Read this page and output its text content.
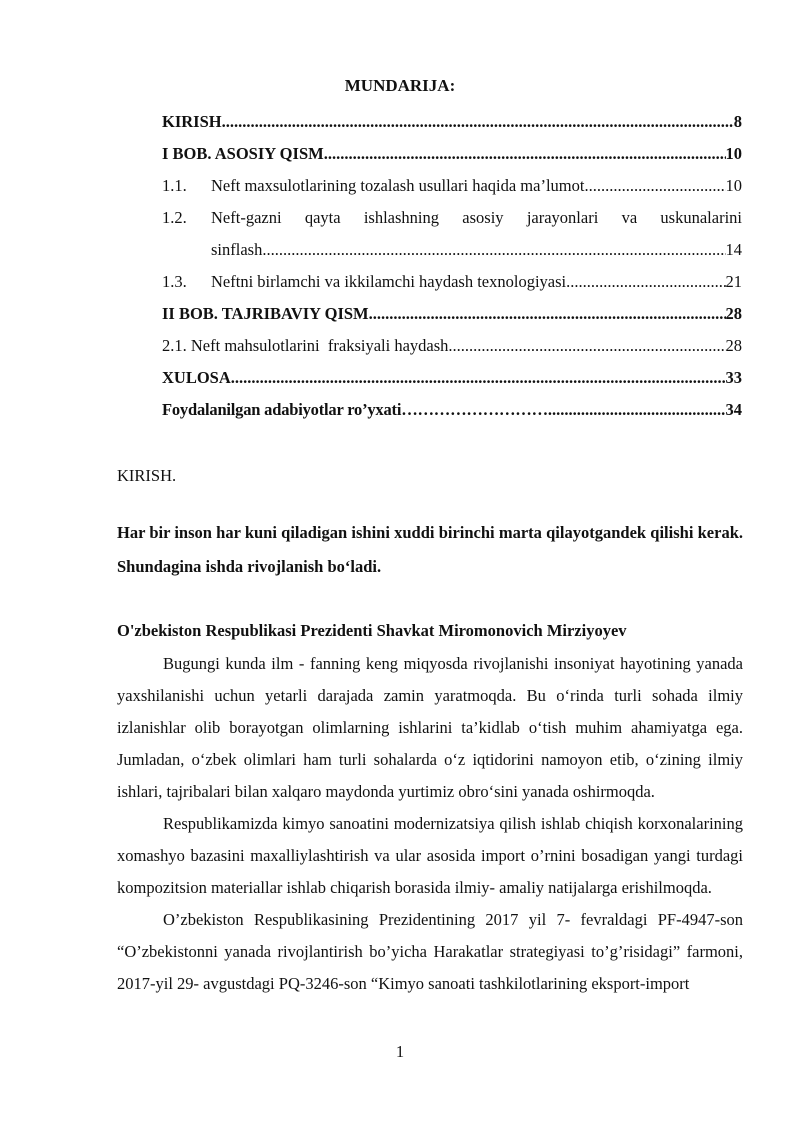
MUNDARIJA:
KIRISH .....	8
I BOB. ASOSIY QISM .....	10
1.1.	Neft maxsulotlarining tozalash usullari haqida ma’lumot .....	10
1.2.	Neft-gazni qayta ishlashning asosiy jarayonlari va uskunalarini
sinflash .....	14
1.3.	Neftni birlamchi va ikkilamchi haydash texnologiyasi .....	21
II BOB. TAJRIBAVIY QISM .....	28
2.1. Neft mahsulotlarini  fraksiyali haydash .....	28
XULOSA .....	33
Foydalanilgan adabiyotlar ro’yxati……………………… .....	34
KIRISH.
Har bir inson har kuni qiladigan ishini xuddi birinchi marta qilayotgandek qilishi kerak. Shundagina ishda rivojlanish bo‘ladi.
O'zbekiston Respublikasi Prezidenti Shavkat Miromonovich Mirziyoyev

Bugungi kunda ilm - fanning keng miqyosda rivojlanishi insoniyat hayotining yanada yaxshilanishi uchun yetarli darajada zamin yaratmoqda. Bu o‘rinda turli sohada ilmiy izlanishlar olib borayotgan olimlarning ishlarini ta’kidlab o‘tish muhim ahamiyatga ega. Jumladan, o‘zbek olimlari ham turli sohalarda o‘z iqtidorini namoyon etib, o‘zining ilmiy ishlari, tajribalari bilan xalqaro maydonda yurtimiz obro‘sini yanada oshirmoqda.

Respublikamizda kimyo sanoatini modernizatsiya qilish ishlab chiqish korxonalarining xomashyo bazasini maxalliylashtirish va ular asosida import o’rnini bosadigan yangi turdagi kompozitsion materiallar ishlab chiqarish borasida ilmiy- amaliy natijalarga erishilmoqda.

O’zbekiston Respublikasining Prezidentining 2017 yil 7- fevraldagi PF-4947-son “O’zbekistonni yanada rivojlantirish bo’yicha Harakatlar strategiyasi to’g’risidagi” farmoni, 2017-yil 29- avgustdagi PQ-3246-son “Kimyo sanoati tashkilotlarining eksport-import

1
